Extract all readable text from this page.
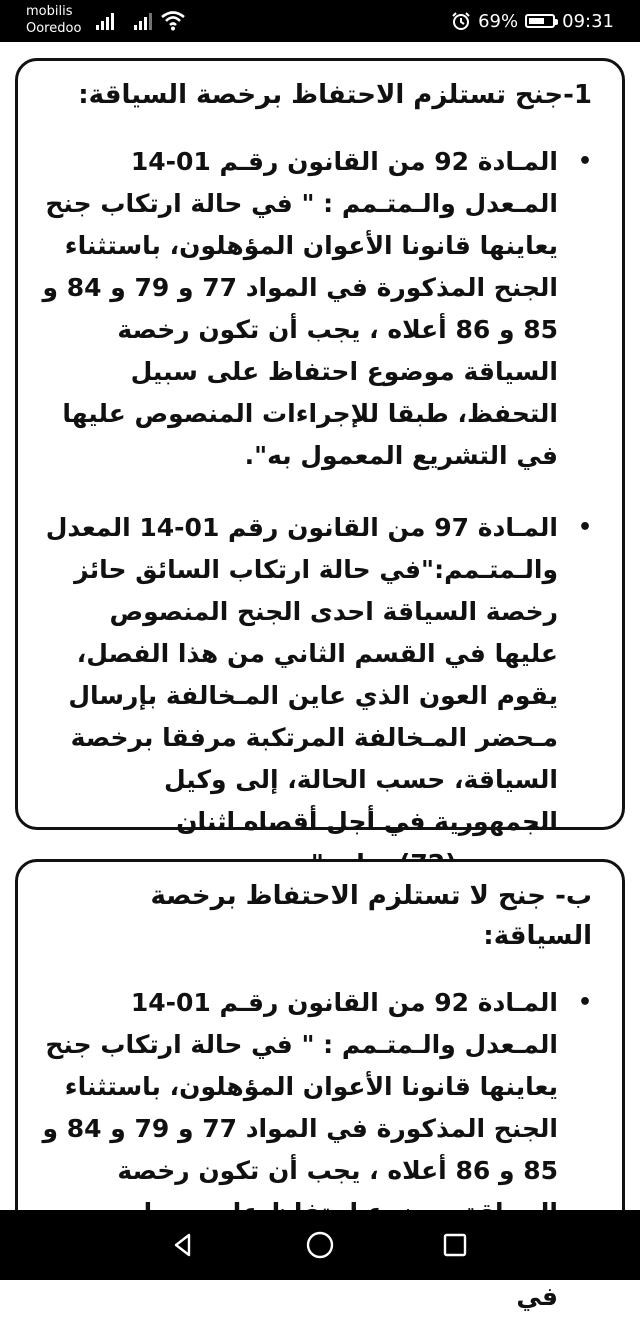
mobilis
Ooredoo	69% 09:31
1-جنح تستلزم الاحتفاظ برخصة السياقة:
•
المـادة 92 من القانون رقـم 01-14 المـعدل والـمتـمم : " في حالة ارتكاب جنح يعاينها قانونا الأعوان المؤهلون، باستثناء الجنح المذكورة في المواد 77 و 79 و 84 و 85 و 86 أعلاه ، يجب أن تكون رخصة السياقة موضوع احتفاظ على سبيل التحفظ، طبقا للإجراءات المنصوص عليها في التشريع المعمول به".
•
المـادة 97 من القانون رقم 01-14 المعدل والـمتـمم:"في حالة ارتكاب السائق حائز رخصة السياقة احدى الجنح المنصوص عليها في القسم الثاني من هذا الفصل، يقوم العون الذي عاين المـخالفة بإرسال مـحضر المـخالفة المرتكبة مرفقا برخصة السياقة، حسب الحالة، إلى وكيل الجمهورية في أجل أقصاه اثنان
ب- جنح لا تستلزم الاحتفاظ برخصة السياقة:
•
المـادة 92 من القانون رقـم 01-14 المـعدل والـمتـمم : " في حالة ارتكاب جنح يعاينها قانونا الأعوان المؤهلون، باستثناء الجنح المذكورة في المواد 77 و 79 و 84 و 85 و 86 أعلاه ، يجب أن تكون رخصة في
